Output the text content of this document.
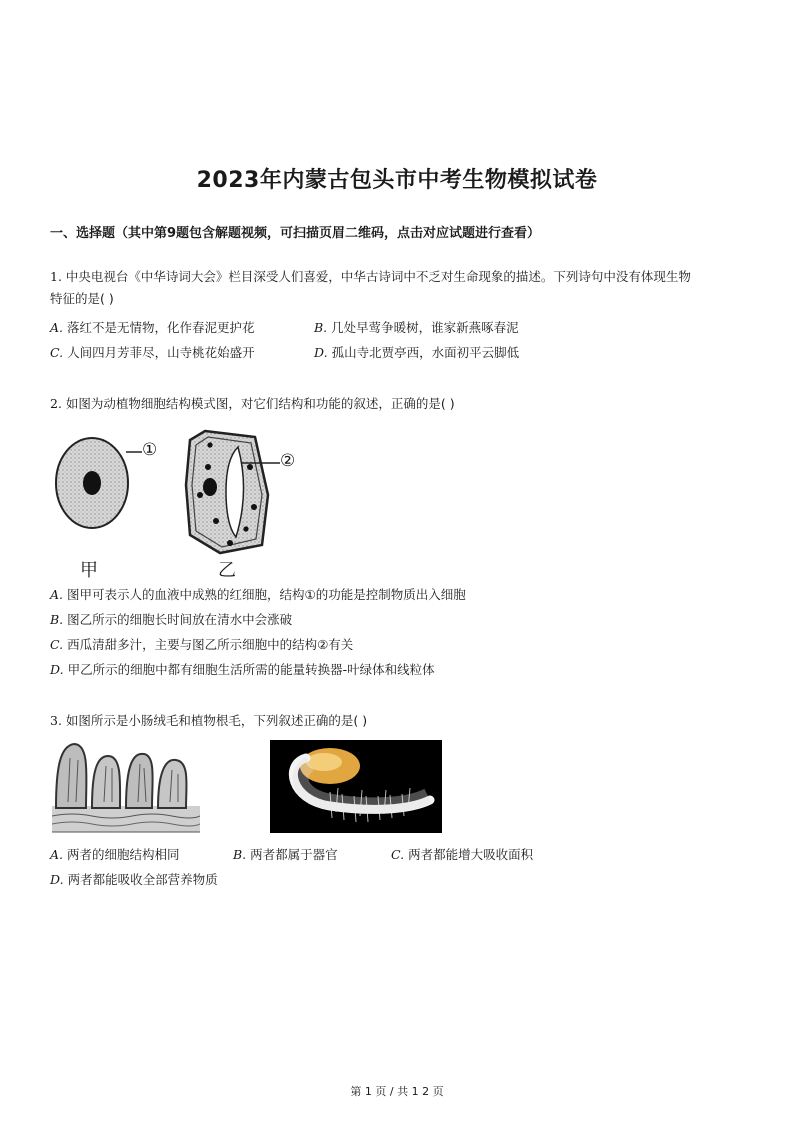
2023年内蒙古包头市中考生物模拟试卷
一、选择题（其中第9题包含解题视频，可扫描页眉二维码，点击对应试题进行查看）
1. 中央电视台《中华诗词大会》栏目深受人们喜爱，中华古诗词中不乏对生命现象的描述。下列诗句中没有体现生物
特征的是( )
A. 落红不是无情物，化作春泥更护花	B. 几处早莺争暖树，谁家新燕啄春泥
C. 人间四月芳菲尽，山寺桃花始盛开	D. 孤山寺北贾亭西，水面初平云脚低
2. 如图为动植物细胞结构模式图，对它们结构和功能的叙述，正确的是( )
①
②
甲	乙
A. 图甲可表示人的血液中成熟的红细胞，结构①的功能是控制物质出入细胞
B. 图乙所示的细胞长时间放在清水中会涨破
C. 西瓜清甜多汁，主要与图乙所示细胞中的结构②有关
D. 甲乙所示的细胞中都有细胞生活所需的能量转换器-叶绿体和线粒体
3. 如图所示是小肠绒毛和植物根毛，下列叙述正确的是( )
A. 两者的细胞结构相同	B. 两者都属于器官	C. 两者都能增大吸收面积
D. 两者都能吸收全部营养物质
第 1 页 / 共 1 2 页
